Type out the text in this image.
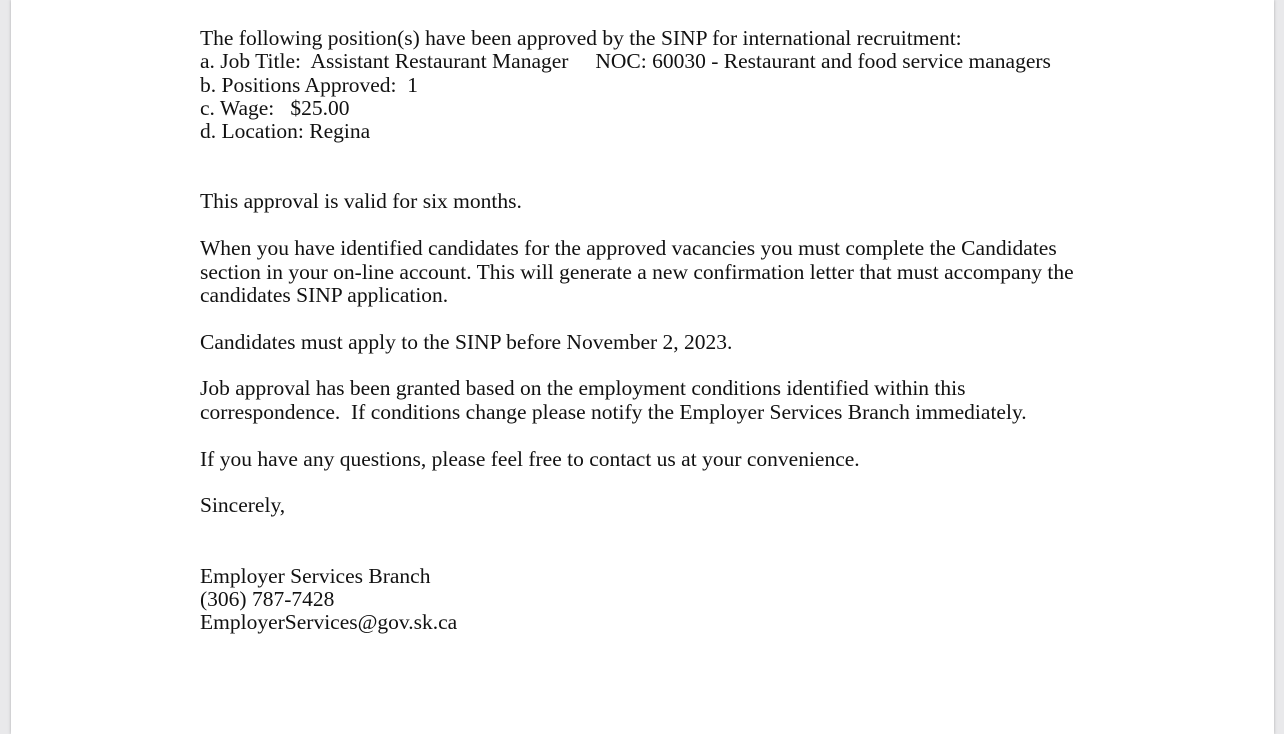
The following position(s) have been approved by the SINP for international recruitment:

a. Job Title:  Assistant Restaurant Manager     NOC: 60030 - Restaurant and food service managers

b. Positions Approved:  1

c. Wage:   $25.00

d. Location: Regina

This approval is valid for six months.

When you have identified candidates for the approved vacancies you must complete the Candidates

section in your on-line account. This will generate a new confirmation letter that must accompany the

candidates SINP application.

Candidates must apply to the SINP before November 2, 2023.

Job approval has been granted based on the employment conditions identified within this

correspondence.  If conditions change please notify the Employer Services Branch immediately.

If you have any questions, please feel free to contact us at your convenience.

Sincerely,

Employer Services Branch

(306) 787-7428

EmployerServices@gov.sk.ca
